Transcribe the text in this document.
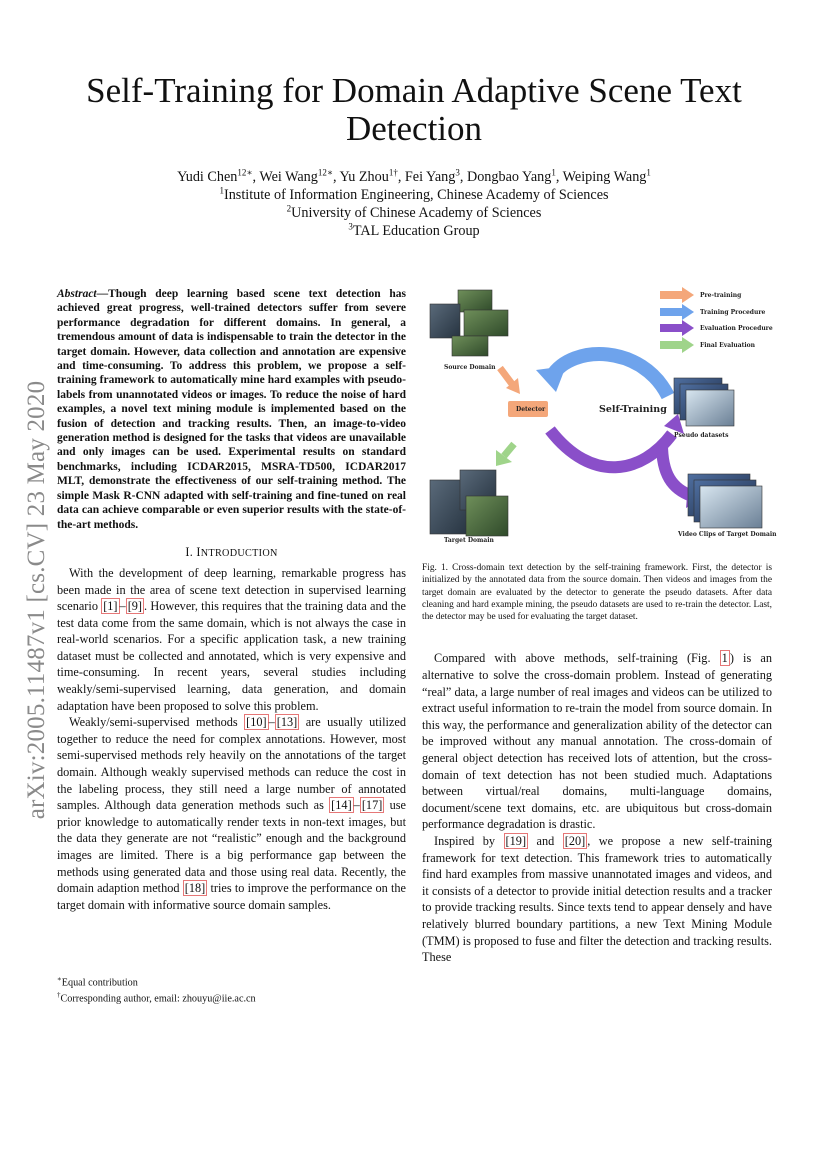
arXiv:2005.11487v1 [cs.CV] 23 May 2020
Self-Training for Domain Adaptive Scene Text Detection
Yudi Chen$^{12∗}$, Wei Wang$^{12∗}$, Yu Zhou$^{1\dagger}$, Fei Yang$^3$, Dongbao Yang$^1$, Weiping Wang$^1$
$^1$Institute of Information Engineering, Chinese Academy of Sciences
$^2$University of Chinese Academy of Sciences
$^3$TAL Education Group

Abstract—Though deep learning based scene text detection has achieved great progress, well-trained detectors suffer from severe performance degradation for different domains. In general, a tremendous amount of data is indispensable to train the detector in the target domain. However, data collection and annotation are expensive and time-consuming. To address this problem, we propose a self-training framework to automatically mine hard examples with pseudo-labels from unannotated videos or images. To reduce the noise of hard examples, a novel text mining module is implemented based on the fusion of detection and tracking results. Then, an image-to-video generation method is designed for the tasks that videos are unavailable and only images can be used. Experimental results on standard benchmarks, including ICDAR2015, MSRA-TD500, ICDAR2017 MLT, demonstrate the effectiveness of our self-training method. The simple Mask R-CNN adapted with self-training and fine-tuned on real data can achieve comparable or even superior results with the state-of-the-art methods.

I. INTRODUCTION

With the development of deep learning, remarkable progress has been made in the area of scene text detection in supervised learning scenario [1] – [9] . However, this requires that the training data and the test data come from the same domain, which is not always the case in real-world scenarios. For a specific application task, a new training dataset must be collected and annotated, which is very expensive and time-consuming. In recent years, several studies including weakly/semi-supervised learning, data generation, and domain adaptation have been proposed to solve this problem.

Weakly/semi-supervised methods [10] – [13] are usually utilized together to reduce the need for complex annotations. However, most semi-supervised methods rely heavily on the annotations of the target domain. Although weakly supervised methods can reduce the cost in the labeling process, they still need a large number of annotated samples. Although data generation methods such as [14] – [17] use prior knowledge to automatically render texts in non-text images, but the data they generate are not “realistic” enough and the background images are limited. There is a big performance gap between the methods using generated data and those using real data. Recently, the domain adaption method [18] tries to improve the performance on the target domain with informative source domain samples.

∗Equal contribution
†Corresponding author, email: zhouyu@iie.ac.cn
Pre-training
Training Procedure
Evaluation Procedure
Final Evaluation
Source Domain
Detector	Self-Training
Pseudo datasets
Video Clips of Target Domain
Target Domain

Fig. 1. Cross-domain text detection by the self-training framework. First, the detector is initialized by the annotated data from the source domain. Then videos and images from the target domain are evaluated by the detector to generate the pseudo datasets. After data cleaning and hard example mining, the pseudo datasets are used to re-train the detector. Last, the detector may be used for evaluating the target dataset.

Compared with above methods, self-training (Fig. 1 ) is an alternative to solve the cross-domain problem. Instead of generating “real” data, a large number of real images and videos can be utilized to extract useful information to re-train the model from source domain. In this way, the performance and generalization ability of the detector can be improved without any manual annotation. The cross-domain of general object detection has received lots of attention, but the cross-domain of text detection has not been studied much. Adaptations between virtual/real domains, multi-language domains, document/scene text domains, etc. are ubiquitous but cross-domain performance degradation is drastic.

Inspired by [19] and [20] , we propose a new self-training framework for text detection. This framework tries to automatically find hard examples from massive unannotated images and videos, and it consists of a detector to provide initial detection results and a tracker to provide tracking results. Since texts tend to appear densely and have relatively blurred boundary partitions, a new Text Mining Module (TMM) is proposed to fuse and filter the detection and tracking results. These
